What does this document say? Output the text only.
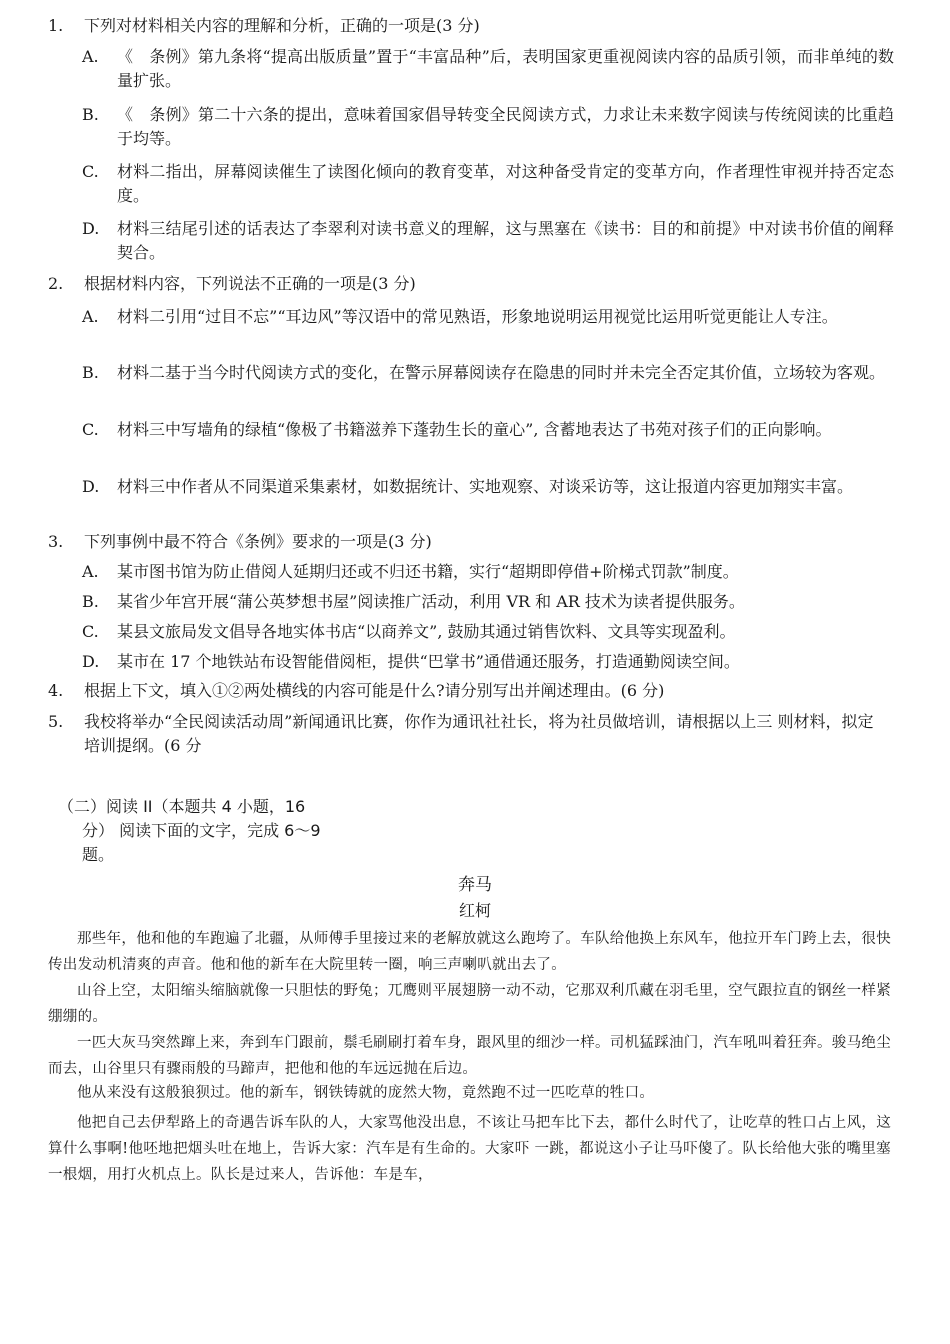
1.	下列对材料相关内容的理解和分析，正确的一项是(3 分)
A.	《　条例》第九条将“提高出版质量”置于“丰富品种”后，表明国家更重视阅读内容的品质引领，而非单纯的数量扩张。
B.	《　条例》第二十六条的提出，意味着国家倡导转变全民阅读方式，力求让未来数字阅读与传统阅读的比重趋于均等。
C.	材料二指出，屏幕阅读催生了读图化倾向的教育变革，对这种备受肯定的变革方向，作者理性审视并持否定态度。
D.	材料三结尾引述的话表达了李翠利对读书意义的理解，这与黑塞在《读书：目的和前提》中对读书价值的阐释契合。
2.	根据材料内容，下列说法不正确的一项是(3 分)
A.	材料二引用“过目不忘”“耳边风”等汉语中的常见熟语，形象地说明运用视觉比运用听觉更能让人专注。
B.	材料二基于当今时代阅读方式的变化，在警示屏幕阅读存在隐患的同时并未完全否定其价值，立场较为客观。
C.	材料三中写墙角的绿植“像极了书籍滋养下蓬勃生长的童心”, 含蓄地表达了书苑对孩子们的正向影响。
D.	材料三中作者从不同渠道采集素材，如数据统计、实地观察、对谈采访等，这让报道内容更加翔实丰富。
3.	下列事例中最不符合《条例》要求的一项是(3 分)
A.	某市图书馆为防止借阅人延期归还或不归还书籍，实行“超期即停借+阶梯式罚款”制度。
B.	某省少年宫开展“蒲公英梦想书屋”阅读推广活动，利用 VR 和 AR 技术为读者提供服务。
C.	某县文旅局发文倡导各地实体书店“以商养文”, 鼓励其通过销售饮料、文具等实现盈利。
D.	某市在 17 个地铁站布设智能借阅柜，提供“巴掌书”通借通还服务，打造通勤阅读空间。
4.	根据上下文，填入①②两处横线的内容可能是什么?请分别写出并阐述理由。(6 分)
5.	我校将举办“全民阅读活动周”新闻通讯比赛，你作为通讯社社长，将为社员做培训，请根据以上三 则材料，拟定培训提纲。(6 分
（二）阅读 II（本题共 4 小题，16
分） 阅读下面的文字，完成 6～9
题。
奔马
红柯
那些年，他和他的车跑遍了北疆，从师傅手里接过来的老解放就这么跑垮了。车队给他换上东风车，他拉开车门跨上去，很快传出发动机清爽的声音。他和他的新车在大院里转一圈，响三声喇叭就出去了。
山谷上空，太阳缩头缩脑就像一只胆怯的野兔；兀鹰则平展翅膀一动不动，它那双利爪藏在羽毛里，空气跟拉直的钢丝一样紧绷绷的。
一匹大灰马突然蹿上来，奔到车门跟前，鬃毛刷刷打着车身，跟风里的细沙一样。司机猛踩油门，汽车吼叫着狂奔。骏马绝尘而去，山谷里只有骤雨般的马蹄声，把他和他的车远远抛在后边。
他从来没有这般狼狈过。他的新车，钢铁铸就的庞然大物，竟然跑不过一匹吃草的牲口。
他把自己去伊犁路上的奇遇告诉车队的人，大家骂他没出息，不该让马把车比下去，都什么时代了，让吃草的牲口占上风，这算什么事啊!他呸地把烟头吐在地上，告诉大家：汽车是有生命的。大家吓 一跳，都说这小子让马吓傻了。队长给他大张的嘴里塞 一根烟，用打火机点上。队长是过来人，告诉他：车是车，
